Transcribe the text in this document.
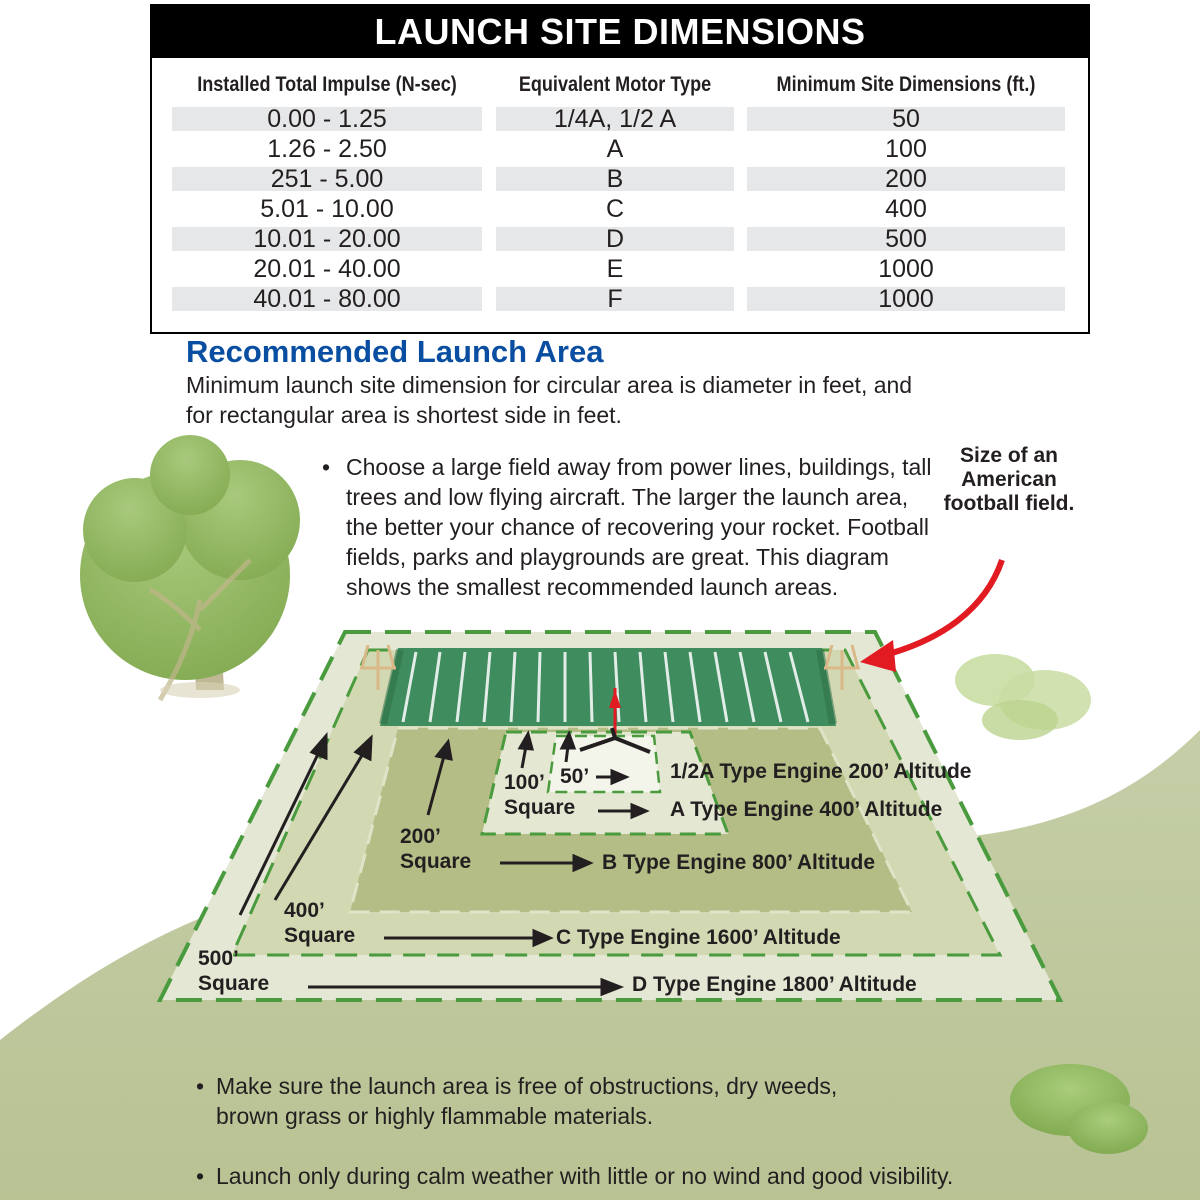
LAUNCH SITE DIMENSIONS
Installed Total Impulse (N-sec)	Equivalent Motor Type	Minimum Site Dimensions (ft.)
0.00 - 1.25	1/4A, 1/2 A	50
1.26 - 2.50	A	100
251 - 5.00	B	200
5.01 - 10.00	C	400
10.01 - 20.00	D	500
20.01 - 40.00	E	1000
40.01 - 80.00	F	1000
Recommended Launch Area
Minimum launch site dimension for circular area is diameter in feet, and for rectangular area is shortest side in feet.
• Choose a large field away from power lines, buildings, tall trees and low flying aircraft. The larger the launch area, the better your chance of recovering your rocket. Football fields, parks and playgrounds are great. This diagram shows the smallest recommended launch areas.
Size of an American football field.
50’
100’
Square
200’
Square
400’
Square
500’
Square
1/2A Type Engine 200’ Altitude
A Type Engine 400’ Altitude
B Type Engine 800’ Altitude
C Type Engine 1600’ Altitude
D Type Engine 1800’ Altitude
• Make sure the launch area is free of obstructions, dry weeds, brown grass or highly flammable materials.
• Launch only during calm weather with little or no wind and good visibility.
